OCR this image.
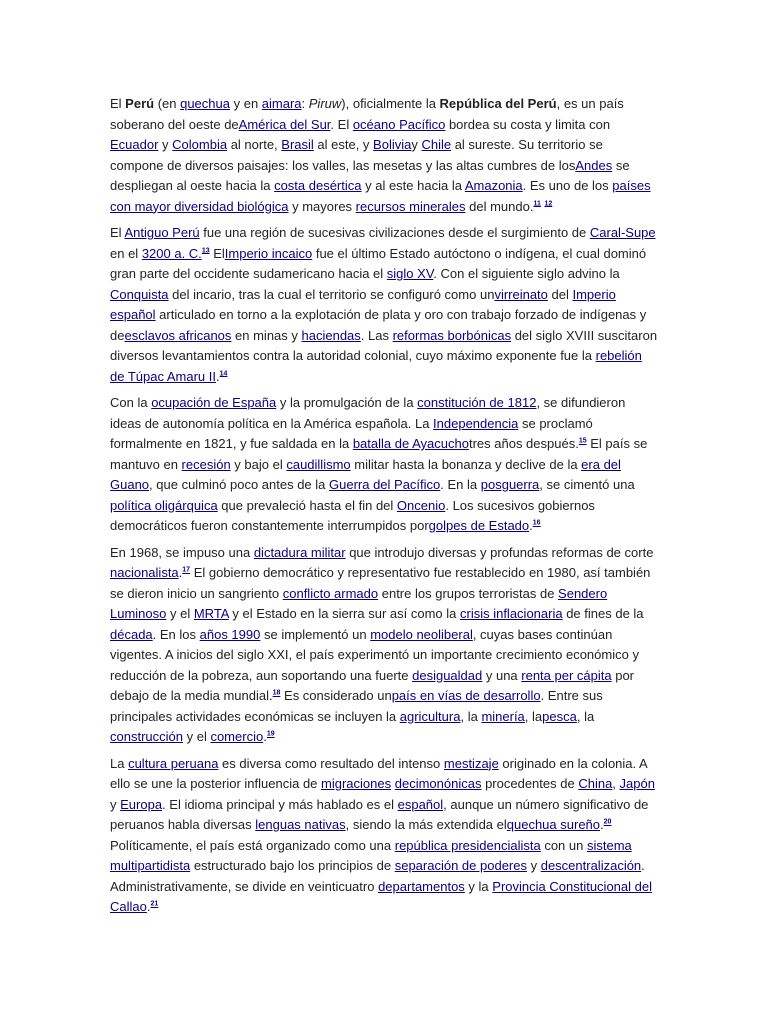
El Perú (en quechua y en aimara: Piruw), oficialmente la República del Perú, es un país soberano del oeste deAmérica del Sur. El océano Pacífico bordea su costa y limita con Ecuador y Colombia al norte, Brasil al este, y Boliviay Chile al sureste. Su territorio se compone de diversos paisajes: los valles, las mesetas y las altas cumbres de losAndes se despliegan al oeste hacia la costa desértica y al este hacia la Amazonia. Es uno de los países con mayor diversidad biológica y mayores recursos minerales del mundo.$^{11}$ $^{12}$

El Antiguo Perú fue una región de sucesivas civilizaciones desde el surgimiento de Caral-Supe en el 3200 a. C.$^{13}$ ElImperio incaico fue el último Estado autóctono o indígena, el cual dominó gran parte del occidente sudamericano hacia el siglo XV. Con el siguiente siglo advino la Conquista del incario, tras la cual el territorio se configuró como unvirreinato del Imperio español articulado en torno a la explotación de plata y oro con trabajo forzado de indígenas y deesclavos africanos en minas y haciendas. Las reformas borbónicas del siglo XVIII suscitaron diversos levantamientos contra la autoridad colonial, cuyo máximo exponente fue la rebelión de Túpac Amaru II.$^{14}$

Con la ocupación de España y la promulgación de la constitución de 1812, se difundieron ideas de autonomía política en la América española. La Independencia se proclamó formalmente en 1821, y fue saldada en la batalla de Ayacuchotres años después.$^{15}$ El país se mantuvo en recesión y bajo el caudillismo militar hasta la bonanza y declive de la era del Guano, que culminó poco antes de la Guerra del Pacífico. En la posguerra, se cimentó una política oligárquica que prevaleció hasta el fin del Oncenio. Los sucesivos gobiernos democráticos fueron constantemente interrumpidos porgolpes de Estado.$^{16}$

En 1968, se impuso una dictadura militar que introdujo diversas y profundas reformas de corte nacionalista.$^{17}$ El gobierno democrático y representativo fue restablecido en 1980, así también se dieron inicio un sangriento conflicto armado entre los grupos terroristas de Sendero Luminoso y el MRTA y el Estado en la sierra sur así como la crisis inflacionaria de fines de la década. En los años 1990 se implementó un modelo neoliberal, cuyas bases continúan vigentes. A inicios del siglo XXI, el país experimentó un importante crecimiento económico y reducción de la pobreza, aun soportando una fuerte desigualdad y una renta per cápita por debajo de la media mundial.$^{18}$ Es considerado unpaís en vías de desarrollo. Entre sus principales actividades económicas se incluyen la agricultura, la minería, lapesca, la construcción y el comercio.$^{19}$

La cultura peruana es diversa como resultado del intenso mestizaje originado en la colonia. A ello se une la posterior influencia de migraciones decimonónicas procedentes de China, Japón y Europa. El idioma principal y más hablado es el español, aunque un número significativo de peruanos habla diversas lenguas nativas, siendo la más extendida elquechua sureño.$^{20}$ Políticamente, el país está organizado como una república presidencialista con un sistema multipartidista estructurado bajo los principios de separación de poderes y descentralización. Administrativamente, se divide en veinticuatro departamentos y la Provincia Constitucional del Callao.$^{21}$
